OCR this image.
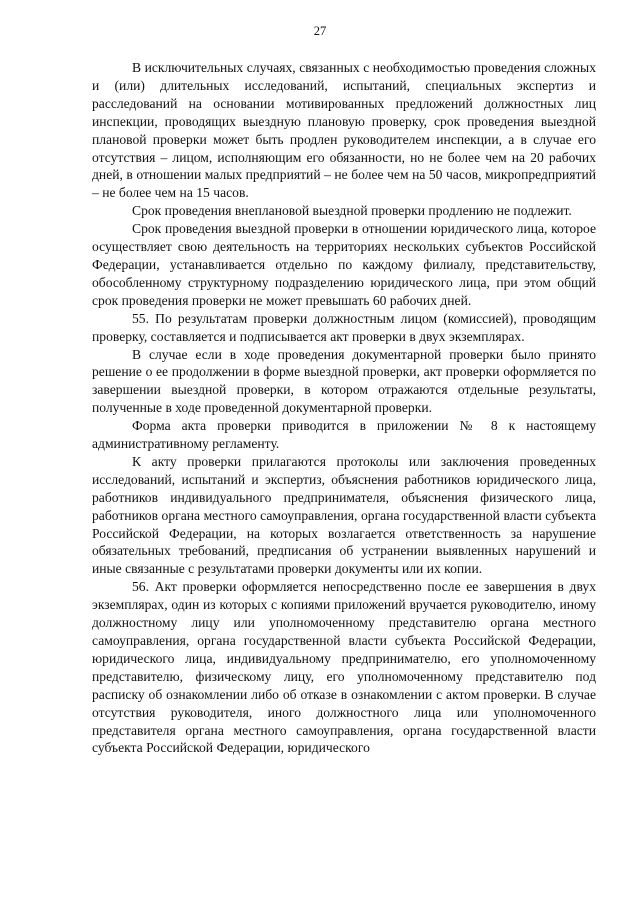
27

В исключительных случаях, связанных с необходимостью проведения сложных и (или) длительных исследований, испытаний, специальных экспертиз и расследований на основании мотивированных предложений должностных лиц инспекции, проводящих выездную плановую проверку, срок проведения выездной плановой проверки может быть продлен руководителем инспекции, а в случае его отсутствия – лицом, исполняющим его обязанности, но не более чем на 20 рабочих дней, в отношении малых предприятий – не более чем на 50 часов, микропредприятий – не более чем на 15 часов.

Срок проведения внеплановой выездной проверки продлению не подлежит.

Срок проведения выездной проверки в отношении юридического лица, которое осуществляет свою деятельность на территориях нескольких субъектов Российской Федерации, устанавливается отдельно по каждому филиалу, представительству, обособленному структурному подразделению юридического лица, при этом общий срок проведения проверки не может превышать 60 рабочих дней.

55. По результатам проверки должностным лицом (комиссией), проводящим проверку, составляется и подписывается акт проверки в двух экземплярах.

В случае если в ходе проведения документарной проверки было принято решение о ее продолжении в форме выездной проверки, акт проверки оформляется по завершении выездной проверки, в котором отражаются отдельные результаты, полученные в ходе проведенной документарной проверки.

Форма акта проверки приводится в приложении № 8 к настоящему административному регламенту.

К акту проверки прилагаются протоколы или заключения проведенных исследований, испытаний и экспертиз, объяснения работников юридического лица, работников индивидуального предпринимателя, объяснения физического лица, работников органа местного самоуправления, органа государственной власти субъекта Российской Федерации, на которых возлагается ответственность за нарушение обязательных требований, предписания об устранении выявленных нарушений и иные связанные с результатами проверки документы или их копии.

56. Акт проверки оформляется непосредственно после ее завершения в двух экземплярах, один из которых с копиями приложений вручается руководителю, иному должностному лицу или уполномоченному представителю органа местного самоуправления, органа государственной власти субъекта Российской Федерации, юридического лица, индивидуальному предпринимателю, его уполномоченному представителю, физическому лицу, его уполномоченному представителю под расписку об ознакомлении либо об отказе в ознакомлении с актом проверки. В случае отсутствия руководителя, иного должностного лица или уполномоченного представителя органа местного самоуправления, органа государственной власти субъекта Российской Федерации, юридического
